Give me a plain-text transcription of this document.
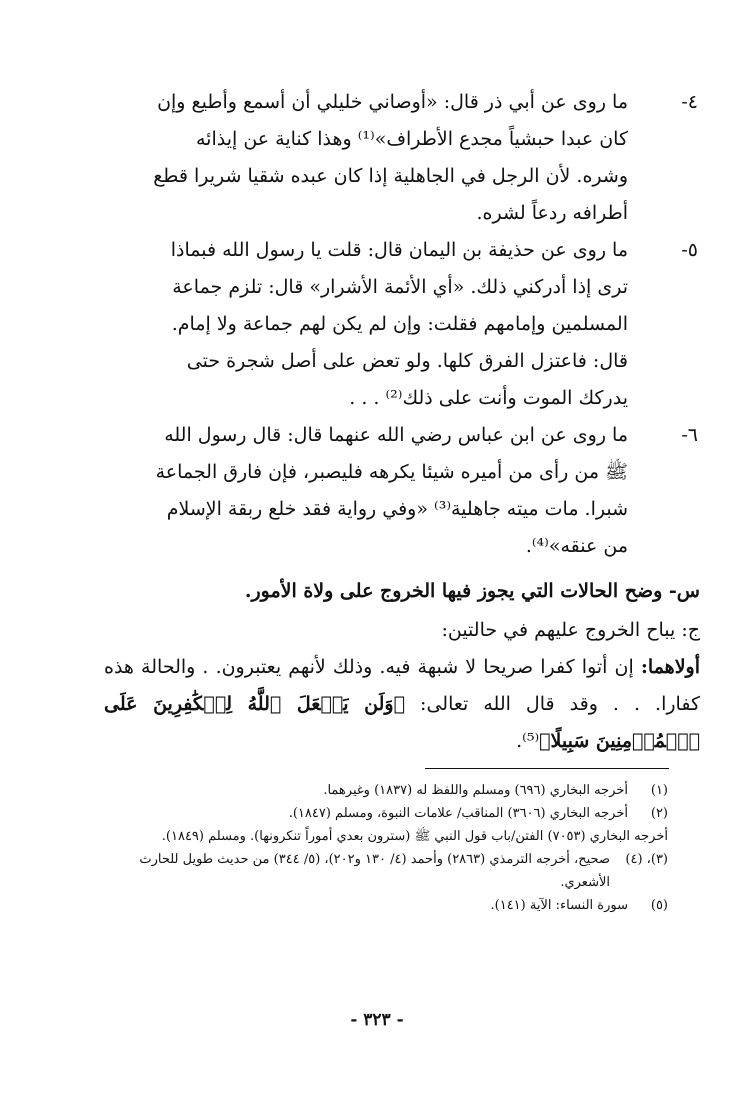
٤-
ما روى عن أبي ذر قال: «أوصاني خليلي أن أسمع وأطيع وإن
كان عبدا حبشياً مجدع الأطراف»⁽¹⁾ وهذا كناية عن إيذائه
وشره. لأن الرجل في الجاهلية إذا كان عبده شقيا شريرا قطع
أطرافه ردعاً لشره.
٥-
ما روى عن حذيفة بن اليمان قال: قلت يا رسول الله فبماذا
ترى إذا أدركني ذلك. «أي الأئمة الأشرار» قال: تلزم جماعة
المسلمين وإمامهم فقلت: وإن لم يكن لهم جماعة ولا إمام.
قال: فاعتزل الفرق كلها. ولو تعض على أصل شجرة حتى
يدركك الموت وأنت على ذلك⁽²⁾ . . .
٦-
ما روى عن ابن عباس رضي الله عنهما قال: قال رسول الله
ﷺ من رأى من أميره شيئا يكرهه فليصبر، فإن فارق الجماعة
شبرا. مات ميته جاهلية⁽³⁾ «وفي رواية فقد خلع ربقة الإسلام
من عنقه»⁽⁴⁾.
س- وضح الحالات التي يجوز فيها الخروج على ولاة الأمور.
ج: يباح الخروج عليهم في حالتين:
أولاهما: إن أتوا كفرا صريحا لا شبهة فيه. وذلك لأنهم يعتبرون. . والحالة هذه كفارا. . . وقد قال الله تعالى: ﴿وَلَن يَجۡعَلَ ٱللَّهُ لِلۡكَٰفِرِينَ عَلَى ٱلۡمُؤۡمِنِينَ سَبِيلًا﴾⁽⁵⁾.
(١)
أخرجه البخاري (٦٩٦) ومسلم واللفظ له (١٨٣٧) وغيرهما.
(٢)
أخرجه البخاري (٣٦٠٦) المناقب/ علامات النبوة، ومسلم (١٨٤٧).
أخرجه البخاري (٧٠٥٣) الفتن/باب قول النبي ﷺ (سترون بعدي أموراً تنكرونها). ومسلم (١٨٤٩).
(٣)، (٤)
صحيح، أخرجه الترمذي (٢٨٦٣) وأحمد (٤/ ١٣٠ و٢٠٢)، (٥/ ٣٤٤) من حديث طويل للحارث الأشعري.
(٥)
سورة النساء: الآية (١٤١).
- ٣٢٣ -
